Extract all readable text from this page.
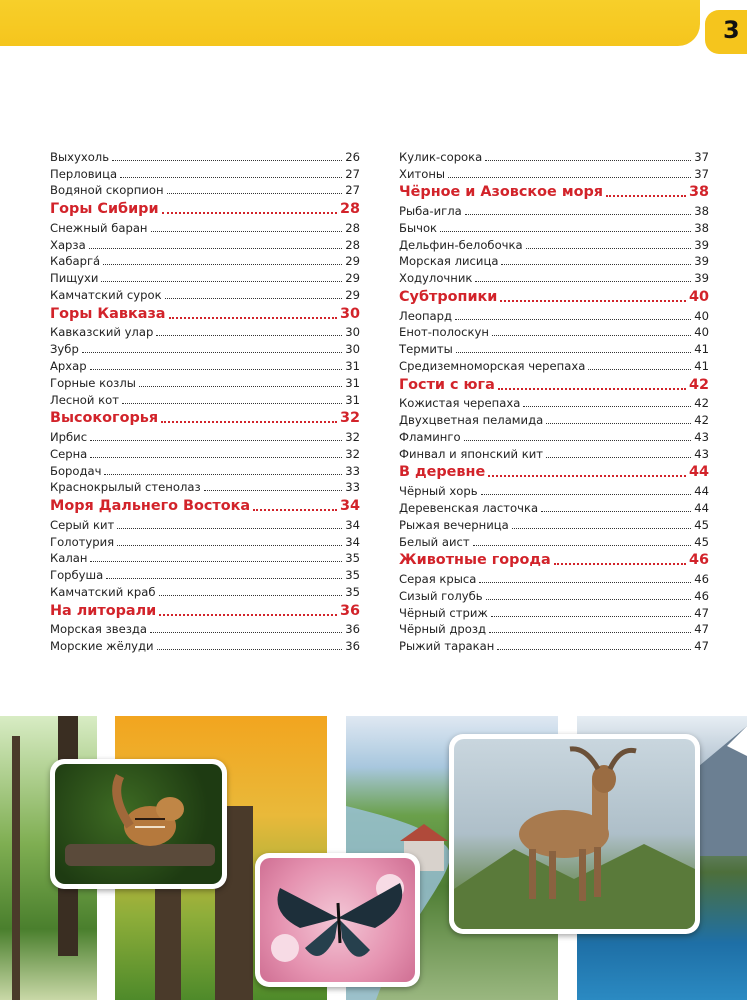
3
Выхухоль	26
Перловица	27
Водяной скорпион	27
Горы Сибири	28
Снежный баран	28
Харза	28
Кабарга́	29
Пищухи	29
Камчатский сурок	29
Горы Кавказа	30
Кавказский улар	30
Зубр	30
Архар	31
Горные козлы	31
Лесной кот	31
Высокогорья	32
Ирбис	32
Серна	32
Бородач	33
Краснокрылый стенолаз	33
Моря Дальнего Востока	34
Серый кит	34
Голотурия	34
Калан	35
Горбуша	35
Камчатский краб	35
На литорали	36
Морская звезда	36
Морские жёлуди	36
Кулик-сорока	37
Хитоны	37
Чёрное и Азовское моря	38
Рыба-игла	38
Бычок	38
Дельфин-белобочка	39
Морская лисица	39
Ходулочник	39
Субтропики	40
Леопард	40
Енот-полоскун	40
Термиты	41
Средиземноморская черепаха	41
Гости с юга	42
Кожистая черепаха	42
Двухцветная пеламида	42
Фламинго	43
Финвал и японский кит	43
В деревне	44
Чёрный хорь	44
Деревенская ласточка	44
Рыжая вечерница	45
Белый аист	45
Животные города	46
Серая крыса	46
Сизый голубь	46
Чёрный стриж	47
Чёрный дрозд	47
Рыжий таракан	47
